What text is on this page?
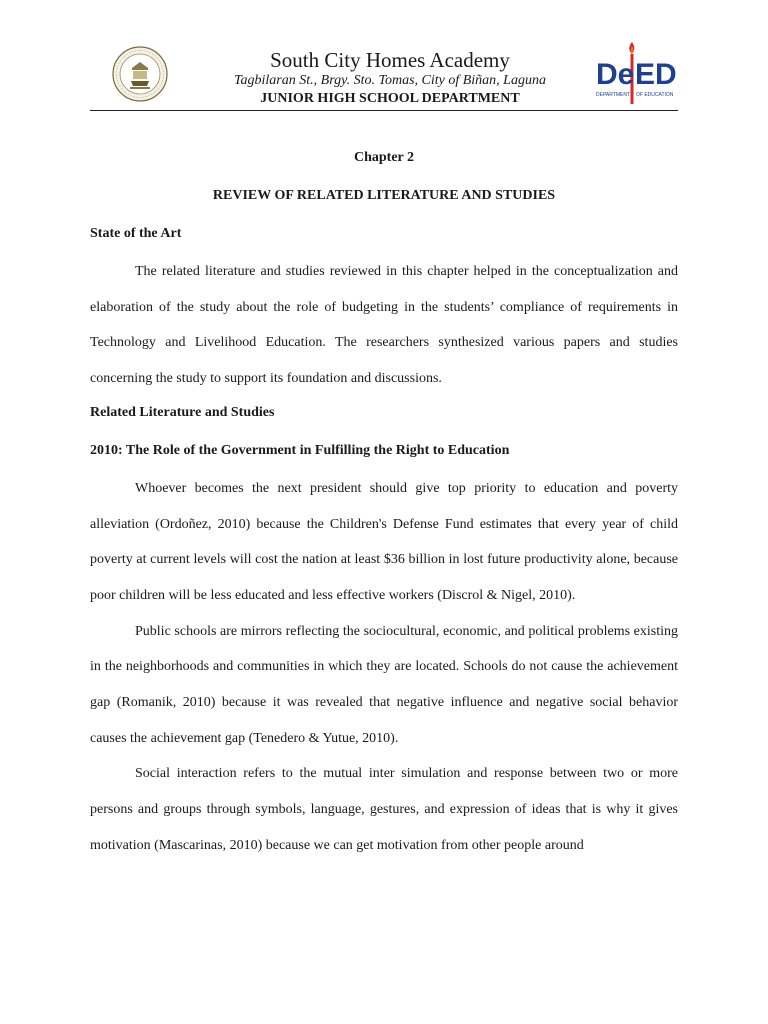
South City Homes Academy
Tagbilaran St., Brgy. Sto. Tomas, City of Biñan, Laguna
JUNIOR HIGH SCHOOL DEPARTMENT
De ED
DEPARTMENT OF EDUCATION

Chapter 2

REVIEW OF RELATED LITERATURE AND STUDIES

State of the Art

The related literature and studies reviewed in this chapter helped in the conceptualization and elaboration of the study about the role of budgeting in the students’ compliance of requirements in Technology and Livelihood Education. The researchers synthesized various papers and studies concerning the study to support its foundation and discussions.

Related Literature and Studies

2010: The Role of the Government in Fulfilling the Right to Education

Whoever becomes the next president should give top priority to education and poverty alleviation (Ordoñez, 2010) because the Children's Defense Fund estimates that every year of child poverty at current levels will cost the nation at least $36 billion in lost future productivity alone, because poor children will be less educated and less effective workers (Discrol & Nigel, 2010).

Public schools are mirrors reflecting the sociocultural, economic, and political problems existing in the neighborhoods and communities in which they are located. Schools do not cause the achievement gap (Romanik, 2010) because it was revealed that negative influence and negative social behavior causes the achievement gap (Tenedero & Yutue, 2010).

Social interaction refers to the mutual inter simulation and response between two or more persons and groups through symbols, language, gestures, and expression of ideas that is why it gives motivation (Mascarinas, 2010) because we can get motivation from other people around
